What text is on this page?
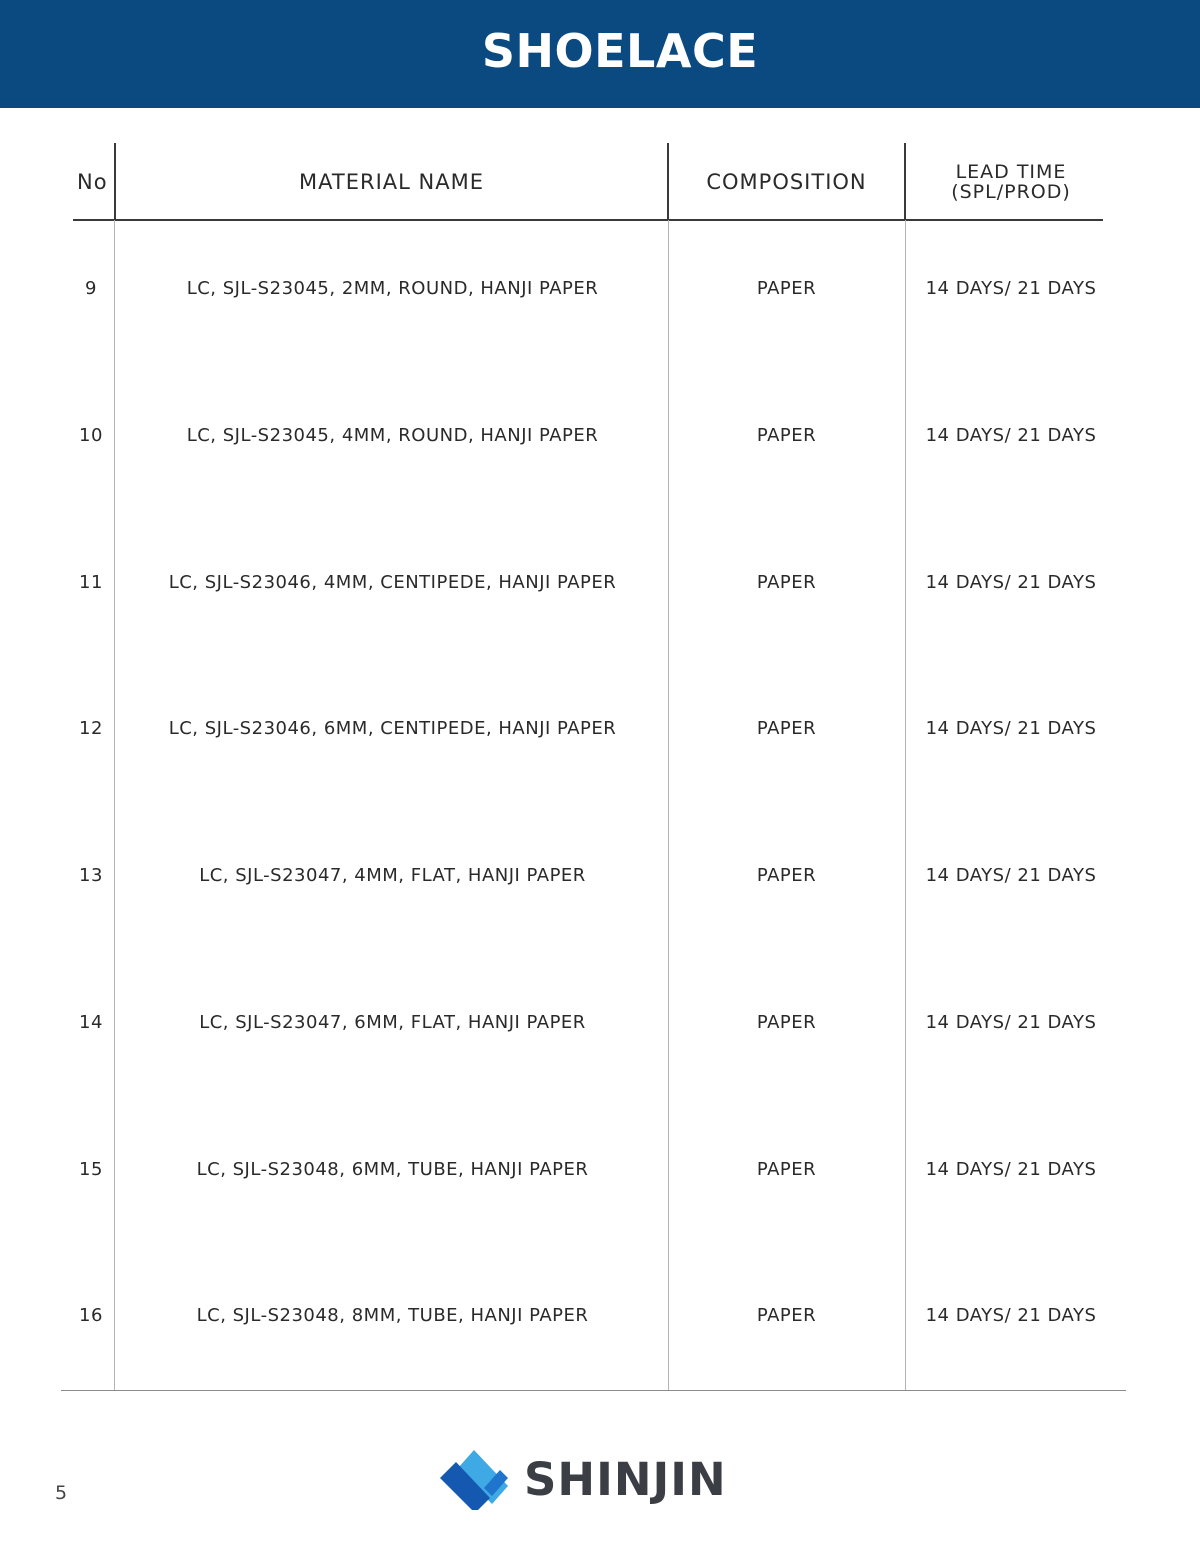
SHOELACE
No	MATERIAL NAME	COMPOSITION	LEAD TIME
(SPL/PROD)
9	LC, SJL-S23045, 2MM, ROUND, HANJI PAPER	PAPER	14 DAYS/ 21 DAYS
10	LC, SJL-S23045, 4MM, ROUND, HANJI PAPER	PAPER	14 DAYS/ 21 DAYS
11	LC, SJL-S23046, 4MM, CENTIPEDE, HANJI PAPER	PAPER	14 DAYS/ 21 DAYS
12	LC, SJL-S23046, 6MM, CENTIPEDE, HANJI PAPER	PAPER	14 DAYS/ 21 DAYS
13	LC, SJL-S23047, 4MM, FLAT, HANJI PAPER	PAPER	14 DAYS/ 21 DAYS
14	LC, SJL-S23047, 6MM, FLAT, HANJI PAPER	PAPER	14 DAYS/ 21 DAYS
15	LC, SJL-S23048, 6MM, TUBE, HANJI PAPER	PAPER	14 DAYS/ 21 DAYS
16	LC, SJL-S23048, 8MM, TUBE, HANJI PAPER	PAPER	14 DAYS/ 21 DAYS
SHINJIN
5
